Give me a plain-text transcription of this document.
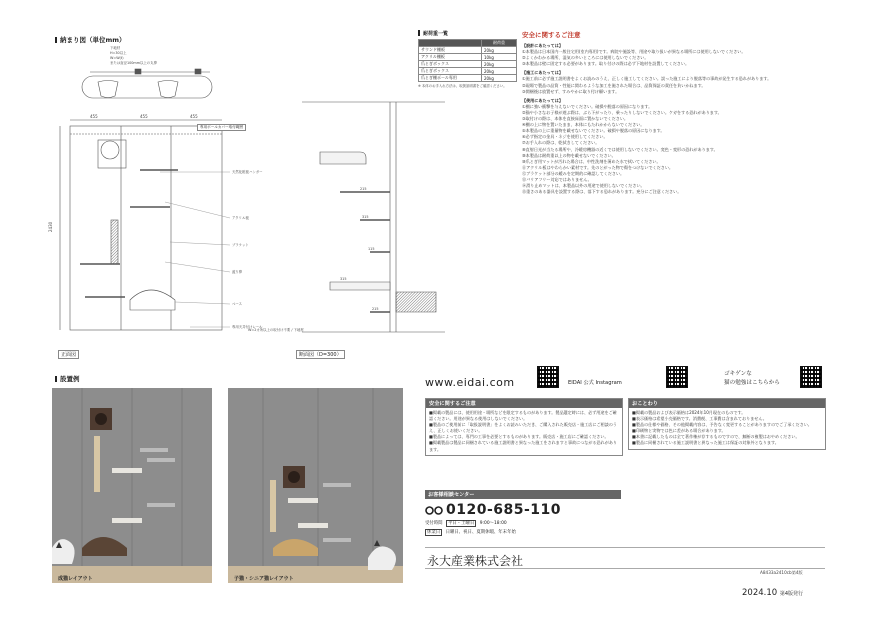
納まり図（単位mm）
455	455	455
2430
天然化粧板ハンガー
アクリル板
ブラケット
渡り棒
ベース
専用天井付けレール
215
315
115
315
215
下地材
H=30以上
W=W(ℓ)
または直径100mm以上の丸棒
専用ポールカバー取付範囲
W=2カ所以上の取付け不要 / 下地材
正面図	断面図（D=300）
耐荷重一覧
	耐荷重
サウンド棚板	20kg
アクリル棚板	10kg
爪とぎボックス	20kg
爪とぎボックス	20kg
爪とぎ棚ポール専用	20kg
※ 本体のお手入れ方法は、取扱説明書をご確認ください。
安全に関するご注意
【設計にあたっては】
①本製品は日本国内一般住宅用(室内専用)です。病院や施設等、用途や取り扱いが異なる場所には使用しないでください。
②よくかわかる場所、湿気の多いところには使用しないでください。
③本製品は壁に固定する必要があります。取り付けの際は必ず下地材を設置してください。
【施工にあたっては】
①施工前に必ず施工説明書をよくお読みのうえ、正しく施工してください。誤った施工により脱落等の事故が発生する恐れがあります。
②現場で製品の品質・性能に関わるような加工を施された場合は、品質保証の責任を負いかねます。
③開梱後は放置せず、すみやかに取り付け願います。
【使用にあたっては】
①棚に強い衝撃を与えないでください。破損や脱落の原因になります。
②猫や小さなお子様が遊ぶ際は、ぶら下がったり、乗ったりしないでください。ケガをする恐れがあります。
③取付けの際は、本体を直接床面に置かないでください。
④棚の上に物を置いたまま、本体にもたれかからないでください。
⑤本製品の上に重量物を載せないでください。破損や脱落の原因になります。
⑥必ず指定の金具・ネジを使用してください。
⑦お手入れの際は、乾拭きしてください。
⑧直射日光が当たる場所や、冷暖房機器の近くでは使用しないでください。変色・変形の恐れがあります。
⑨本製品は耐荷重以上の物を載せないでください。
⑩爪とぎ用マットが汚れた場合は、中性洗剤を薄めた水で拭いてください。
⑪アクリル板はやわらかい素材です。先のとがった物で傷をつけないでください。
⑫ブラケット部分の緩みを定期的に確認してください。
⑬バリアフリー対応ではありません。
⑭滑り止めマットは、本製品以外の用途で使用しないでください。
⑮重さのある器具を設置する際は、落下する恐れがあります。充分にご注意ください。
設置例
成猫レイアウト	子猫・シニア猫レイアウト
www.eidai.com	EIDAI 公式 Instagram
ゴキゲンな
猫の勉強はこちらから
安全に関するご注意
■掲載の製品には、使用用途・場所などを限定するものがあります。製品選定時には、必ず用途をご確認ください。用途が異なる使用はしないでください。
■製品のご使用前に「取扱説明書」をよくお読みいただき、ご購入された販売店・施工店にご相談のうえ、正しくお使いください。
■製品によっては、専門の工事を必要とするものがあります。販売店・施工店にご確認ください。
■掲載製品は製品に同梱されている施工説明書と異なった施工をされますと事故につながる恐れがあります。
おことわり
■掲載の製品および表示価格は2024年10月現在のものです。
■表示価格は希望小売価格です。消費税、工事費は含まれておりません。
■製品の仕様や価格、その他掲載内容は、予告なく変更することがありますのでご了承ください。
■印刷物と実物では色に差がある場合があります。
■本書に記載したものは全て著作権が存するものですので、無断の複製はおやめください。
■製品に同梱されている施工説明書と異なった施工は保証の対象外となります。
お客様相談センター
0120-685-110
受付時間 平日・土曜日 9:00～18:00
休業日 日曜日、祝日、夏期休暇、年末年始
永大産業株式会社
A8433a2410cb第4版
2024.10 第4版発行
